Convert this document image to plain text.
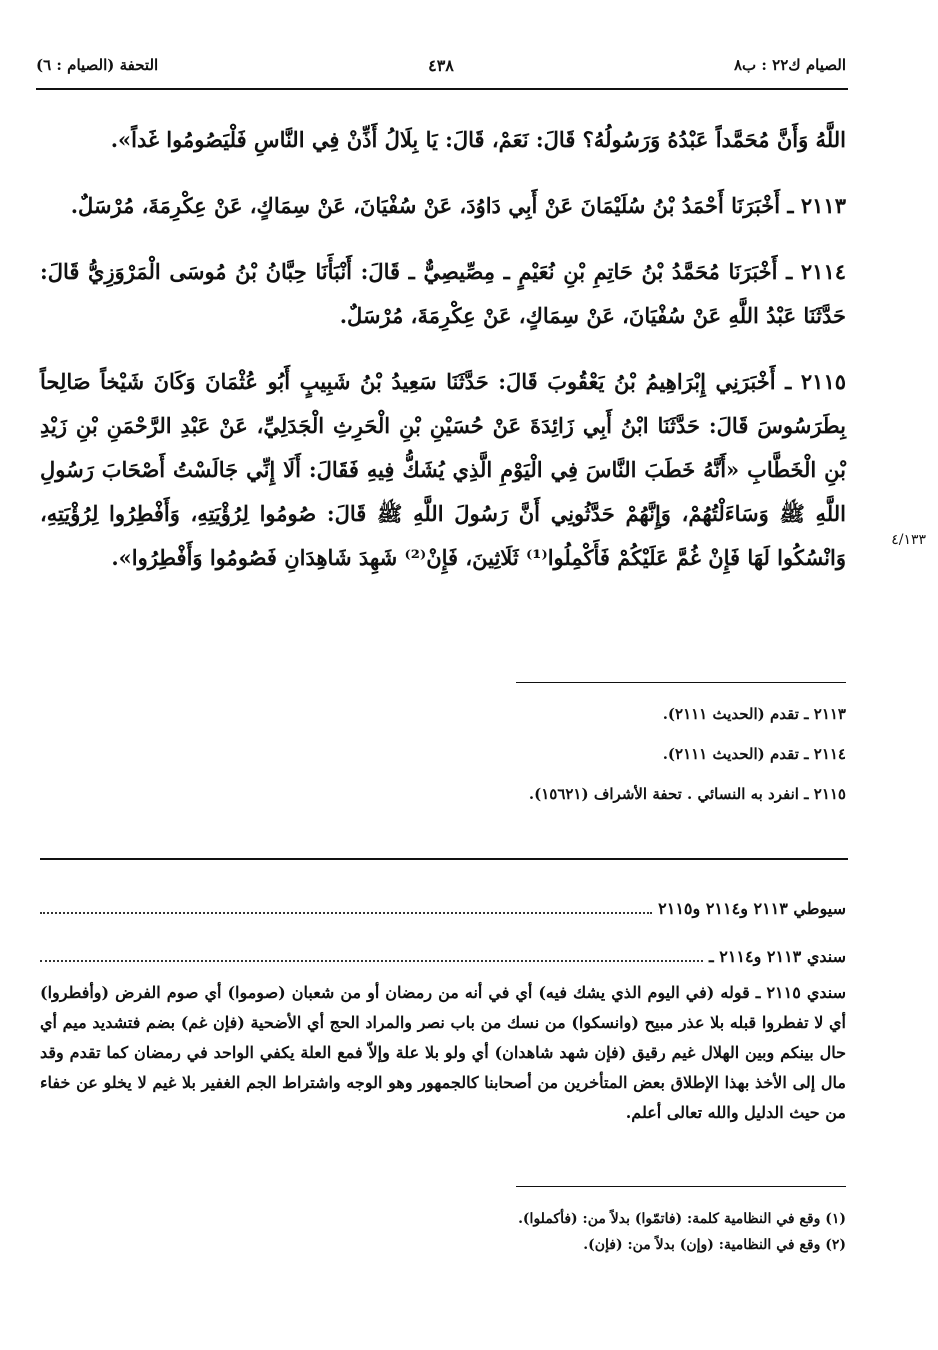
الصيام ك٢٢ : ب٨
٤٣٨
التحفة (الصيام : ٦)

اللَّهُ وَأَنَّ مُحَمَّداً عَبْدُهُ وَرَسُولُهُ؟ قَالَ: نَعَمْ، قَالَ: يَا بِلَالُ أَذِّنْ فِي النَّاسِ فَلْيَصُومُوا غَداً».

٢١١٣ ـ أَخْبَرَنَا أَحْمَدُ بْنُ سُلَيْمَانَ عَنْ أَبِي دَاوُدَ، عَنْ سُفْيَانَ، عَنْ سِمَاكٍ، عَنْ عِكْرِمَةَ، مُرْسَلٌ.

٢١١٤ ـ أَخْبَرَنَا مُحَمَّدُ بْنُ حَاتِمِ بْنِ نُعَيْمٍ ـ مِصِّيصِيٌّ ـ قَالَ: أَنْبَأَنَا حِبَّانُ بْنُ مُوسَى الْمَرْوَزِيُّ قَالَ: حَدَّثَنَا عَبْدُ اللَّهِ عَنْ سُفْيَانَ، عَنْ سِمَاكٍ، عَنْ عِكْرِمَةَ، مُرْسَلٌ.

٢١١٥ ـ أَخْبَرَنِي إِبْرَاهِيمُ بْنُ يَعْقُوبَ قَالَ: حَدَّثَنَا سَعِيدُ بْنُ شَبِيبٍ أَبُو عُثْمَانَ وَكَانَ شَيْخاً صَالِحاً بِطَرَسُوسَ قَالَ: حَدَّثَنَا ابْنُ أَبِي زَائِدَةَ عَنْ حُسَيْنِ بْنِ الْحَرِثِ الْجَدَلِيِّ، عَنْ عَبْدِ الرَّحْمَنِ بْنِ زَيْدِ بْنِ الْخَطَّابِ «أَنَّهُ خَطَبَ النَّاسَ فِي الْيَوْمِ الَّذِي يُشَكُّ فِيهِ فَقَالَ: أَلَا إِنِّي جَالَسْتُ أَصْحَابَ رَسُولِ اللَّهِ ﷺ وَسَاءَلْتُهُمْ، وَإِنَّهُمْ حَدَّثُونِي أَنَّ رَسُولَ اللَّهِ ﷺ قَالَ: صُومُوا لِرُؤْيَتِهِ، وَأَفْطِرُوا لِرُؤْيَتِهِ، وَانْسُكُوا لَهَا فَإِنْ غُمَّ عَلَيْكُمْ فَأَكْمِلُوا⁽¹⁾ ثَلَاثِينَ، فَإِنْ⁽²⁾ شَهِدَ شَاهِدَانِ فَصُومُوا وَأَفْطِرُوا».

٤/١٣٣
٢١١٣ ـ تقدم (الحديث ٢١١١).
٢١١٤ ـ تقدم (الحديث ٢١١١).
٢١١٥ ـ انفرد به النسائي . تحفة الأشراف (١٥٦٢١).
سيوطي ٢١١٣ و٢١١٤ و٢١١٥
سندي ٢١١٣ و٢١١٤ ـ
سندي ٢١١٥ ـ قوله (في اليوم الذي يشك فيه) أي في أنه من رمضان أو من شعبان (صوموا) أي صوم الفرض (وأفطروا) أي لا تفطروا قبله بلا عذر مبيح (وانسكوا) من نسك من باب نصر والمراد الحج أي الأضحية (فإن غم) بضم فتشديد ميم أي حال بينكم وبين الهلال غيم رقيق (فإن شهد شاهدان) أي ولو بلا علة وإلاّ فمع العلة يكفي الواحد في رمضان كما تقدم وقد مال إلى الأخذ بهذا الإطلاق بعض المتأخرين من أصحابنا كالجمهور وهو الوجه واشتراط الجم الغفير بلا غيم لا يخلو عن خفاء من حيث الدليل والله تعالى أعلم.
(١) وقع في النظامية كلمة: (فاتمّوا) بدلاً من: (فأكملوا).
(٢) وقع في النظامية: (وإن) بدلاً من: (فإن).
